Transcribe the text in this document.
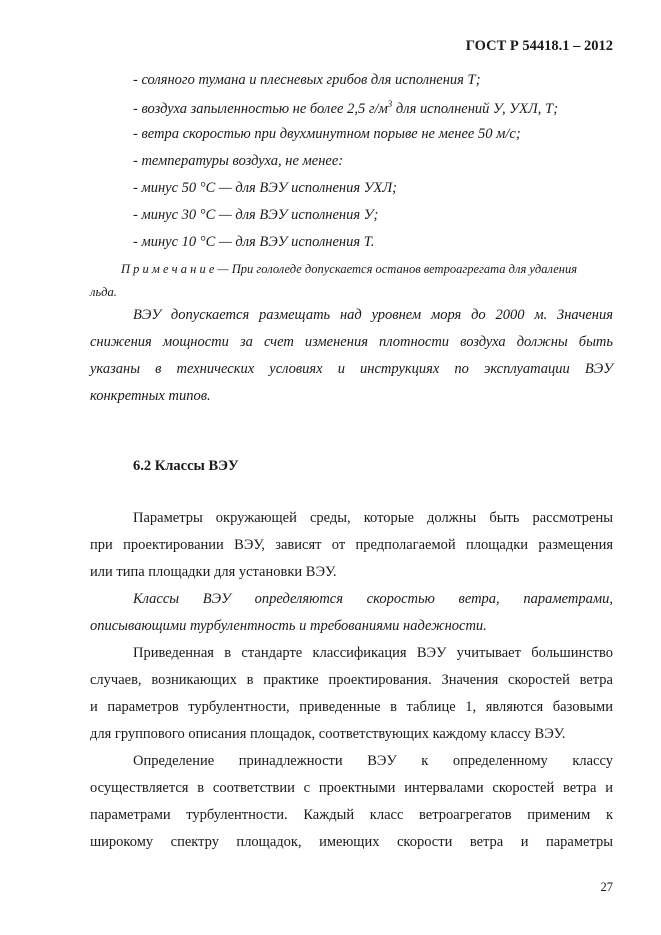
ГОСТ Р 54418.1 – 2012
- соляного тумана и плесневых грибов для исполнения Т;
- воздуха запыленностью не более 2,5 $г/м^3$ для исполнений У, УХЛ, Т;
- ветра скоростью при двухминутном порыве не менее 50 м/с;
- температуры воздуха, не менее:
- минус 50 °С — для ВЭУ исполнения УХЛ;
- минус 30 °С — для ВЭУ исполнения У;
- минус 10 °С — для ВЭУ исполнения Т.
П р и м е ч а н и е — При гололеде допускается останов ветроагрегата для удаления
льда.
ВЭУ допускается размещать над уровнем моря до 2000 м. Значения
снижения мощности за счет изменения плотности воздуха должны быть
указаны в технических условиях и инструкциях по эксплуатации ВЭУ
конкретных типов.
6.2 Классы ВЭУ
Параметры окружающей среды, которые должны быть рассмотрены
при проектировании ВЭУ, зависят от предполагаемой площадки размещения
или типа площадки для установки ВЭУ.
Классы ВЭУ определяются скоростью ветра, параметрами,
описывающими турбулентность и требованиями надежности.
Приведенная в стандарте классификация ВЭУ учитывает большинство
случаев, возникающих в практике проектирования. Значения скоростей ветра
и параметров турбулентности, приведенные в таблице 1, являются базовыми
для группового описания площадок, соответствующих каждому классу ВЭУ.
Определение принадлежности ВЭУ к определенному классу
осуществляется в соответствии с проектными интервалами скоростей ветра и
параметрами турбулентности. Каждый класс ветроагрегатов применим к
широкому спектру площадок, имеющих скорости ветра и параметры
27
